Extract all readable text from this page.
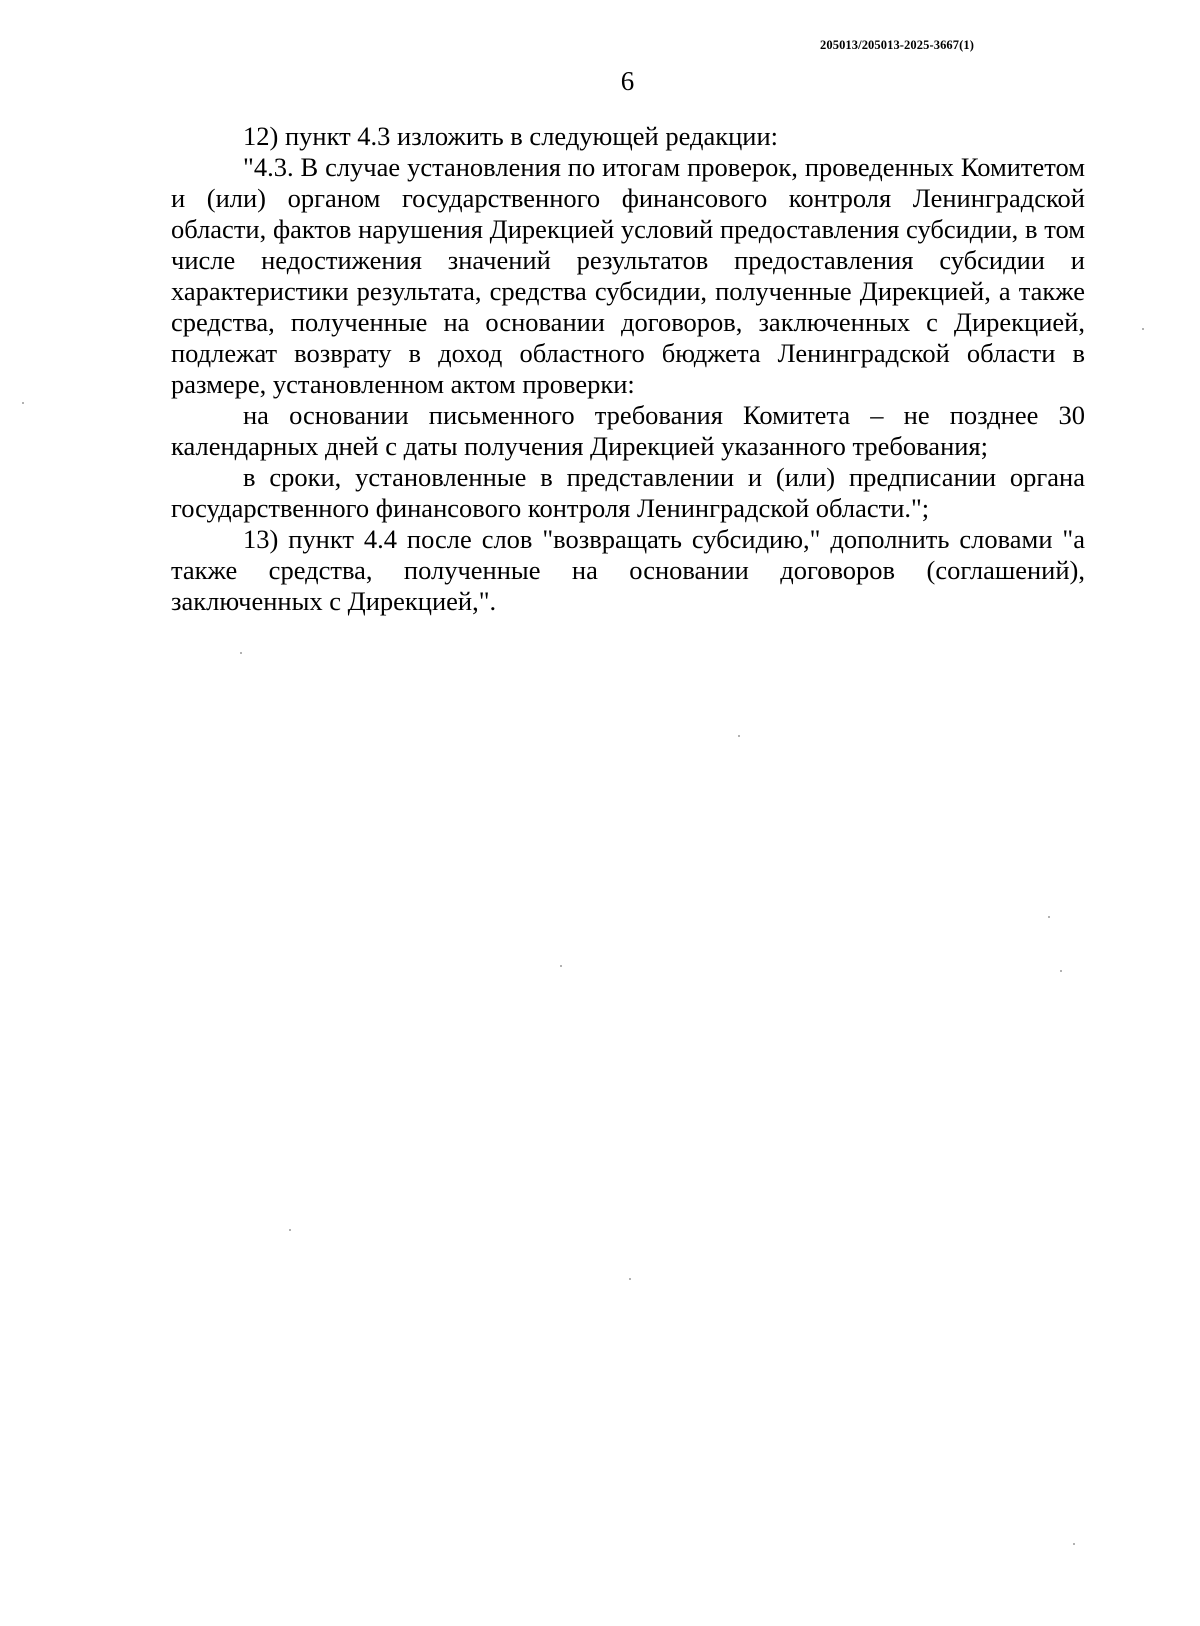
205013/205013-2025-3667(1)
6

12) пункт 4.3 изложить в следующей редакции:

"4.3. В случае установления по итогам проверок, проведенных Комитетом и (или) органом государственного финансового контроля Ленинградской области, фактов нарушения Дирекцией условий предоставления субсидии, в том числе недостижения значений результатов предоставления субсидии и характеристики результата, средства субсидии, полученные Дирекцией, а также средства, полученные на основании договоров, заключенных с Дирекцией, подлежат возврату в доход областного бюджета Ленинградской области в размере, установленном актом проверки:

на основании письменного требования Комитета – не позднее 30 календарных дней с даты получения Дирекцией указанного требования;

в сроки, установленные в представлении и (или) предписании органа государственного финансового контроля Ленинградской области.";

13) пункт 4.4 после слов "возвращать субсидию," дополнить словами "а также средства, полученные на основании договоров (соглашений), заключенных с Дирекцией,".
